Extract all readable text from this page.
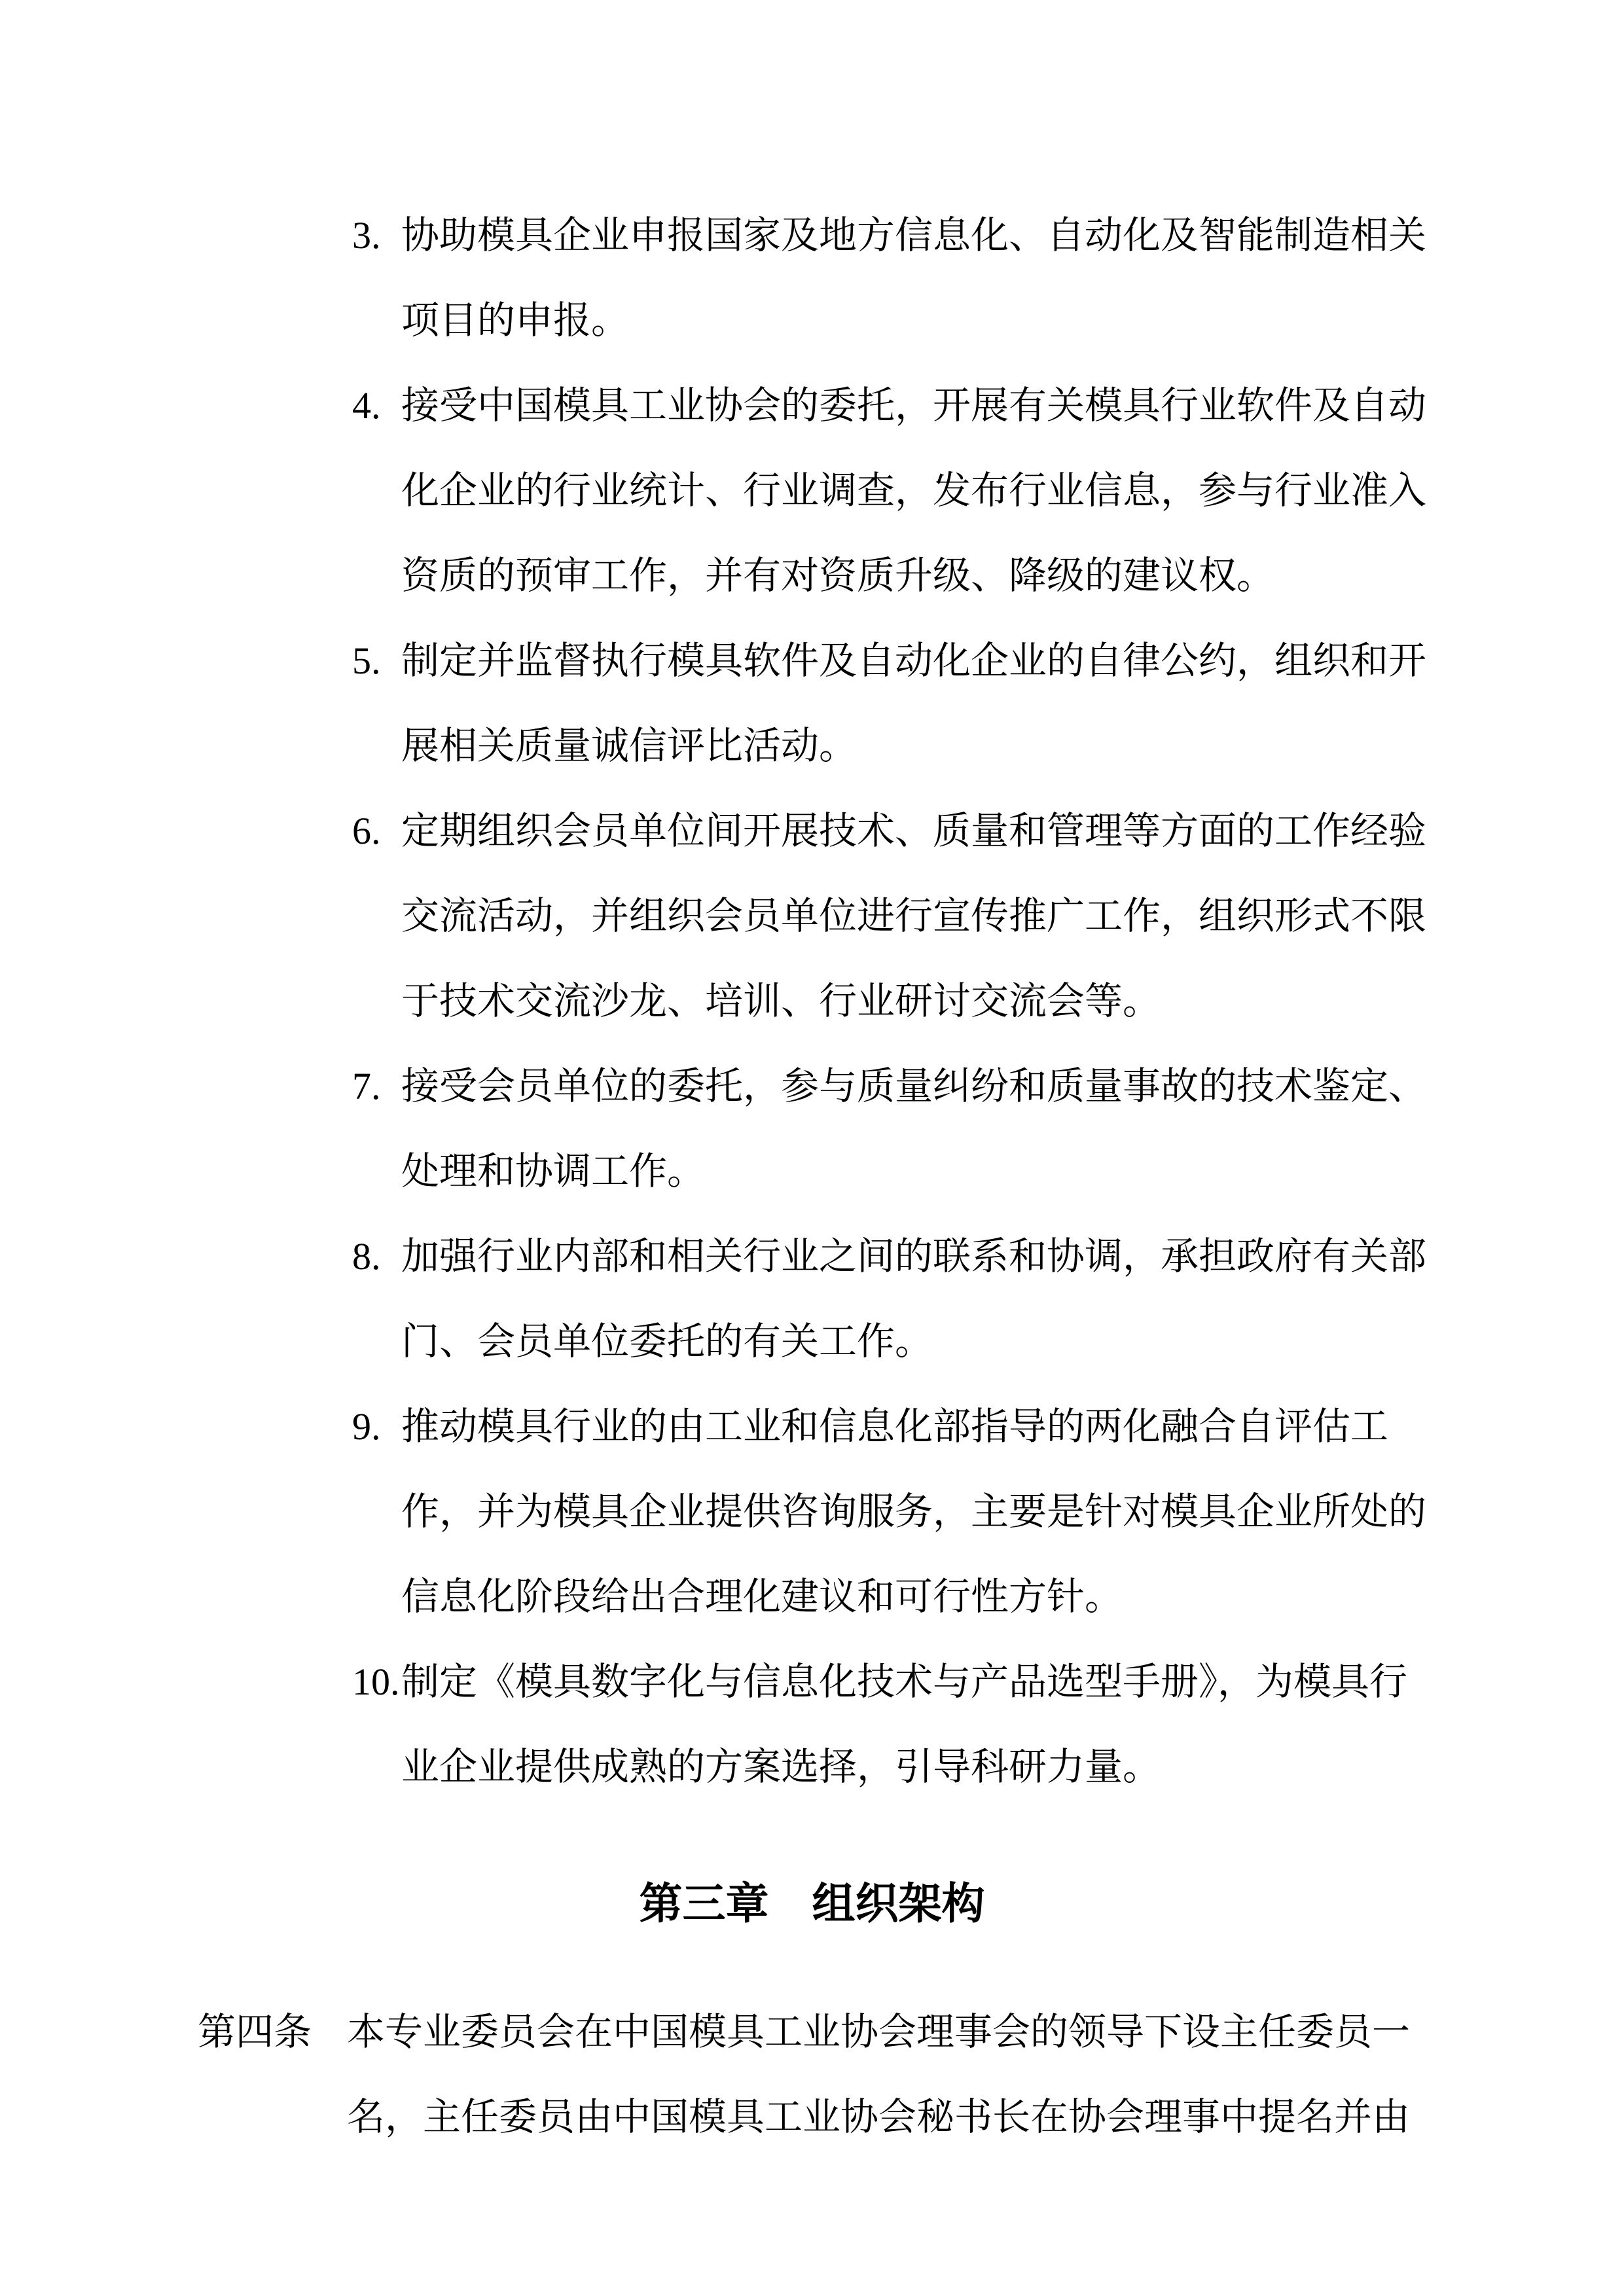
3. 协助模具企业申报国家及地方信息化、自动化及智能制造相关
项目的申报。
4. 接受中国模具工业协会的委托，开展有关模具行业软件及自动
化企业的行业统计、行业调查，发布行业信息，参与行业准入
资质的预审工作，并有对资质升级、降级的建议权。
5. 制定并监督执行模具软件及自动化企业的自律公约，组织和开
展相关质量诚信评比活动。
6. 定期组织会员单位间开展技术、质量和管理等方面的工作经验
交流活动，并组织会员单位进行宣传推广工作，组织形式不限
于技术交流沙龙、培训、行业研讨交流会等。
7. 接受会员单位的委托，参与质量纠纷和质量事故的技术鉴定、
处理和协调工作。
8. 加强行业内部和相关行业之间的联系和协调，承担政府有关部
门、会员单位委托的有关工作。
9. 推动模具行业的由工业和信息化部指导的两化融合自评估工
作，并为模具企业提供咨询服务，主要是针对模具企业所处的
信息化阶段给出合理化建议和可行性方针。
10. 制定《模具数字化与信息化技术与产品选型手册》，为模具行
业企业提供成熟的方案选择，引导科研力量。
第三章　组织架构
第四条 本专业委员会在中国模具工业协会理事会的领导下设主任委员一
名，主任委员由中国模具工业协会秘书长在协会理事中提名并由
